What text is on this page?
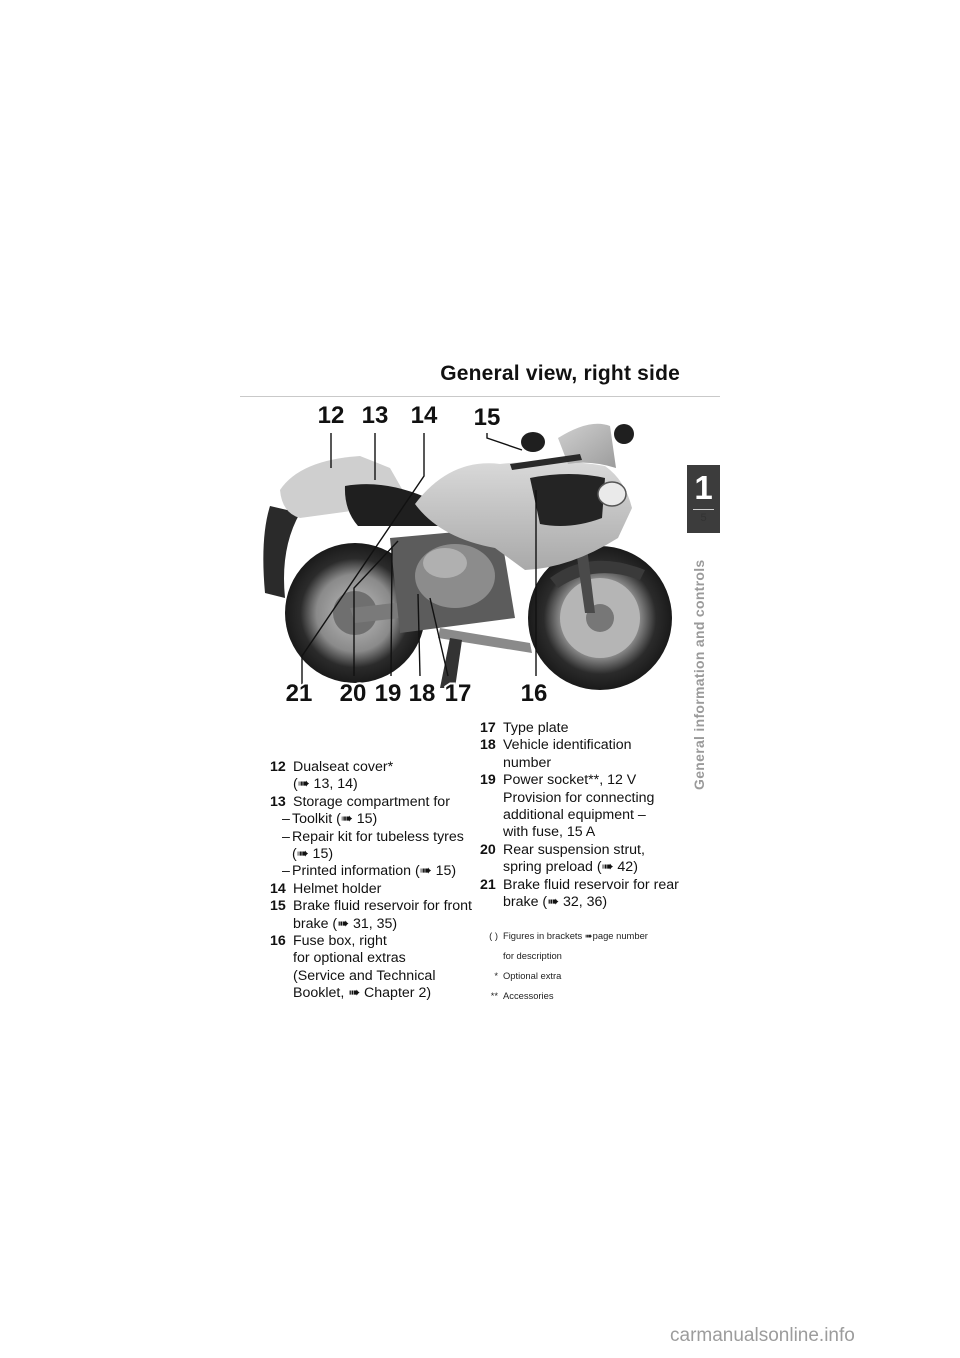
General view, right side
12 13 14 15
16
17
18
19
20
21
12 Dualseat cover*
(➠ 13, 14)
13 Storage compartment for
– Toolkit (➠ 15)
– Repair kit for tubeless tyres
(➠ 15)
– Printed information (➠ 15)
14 Helmet holder
15 Brake fluid reservoir for front
brake (➠ 31, 35)
16 Fuse box, right
for optional extras
(Service and Technical
Booklet, ➠ Chapter 2)
17 Type plate
18 Vehicle identification
number
19 Power socket**, 12 V
Provision for connecting
additional equipment –
with fuse, 15 A
20 Rear suspension strut,
spring preload (➠ 42)
21 Brake fluid reservoir for rear
brake (➠ 32, 36)
( ) Figures in brackets ➠page number
for description
* Optional extra
** Accessories
1
5
General information and controls
carmanualsonline.info
